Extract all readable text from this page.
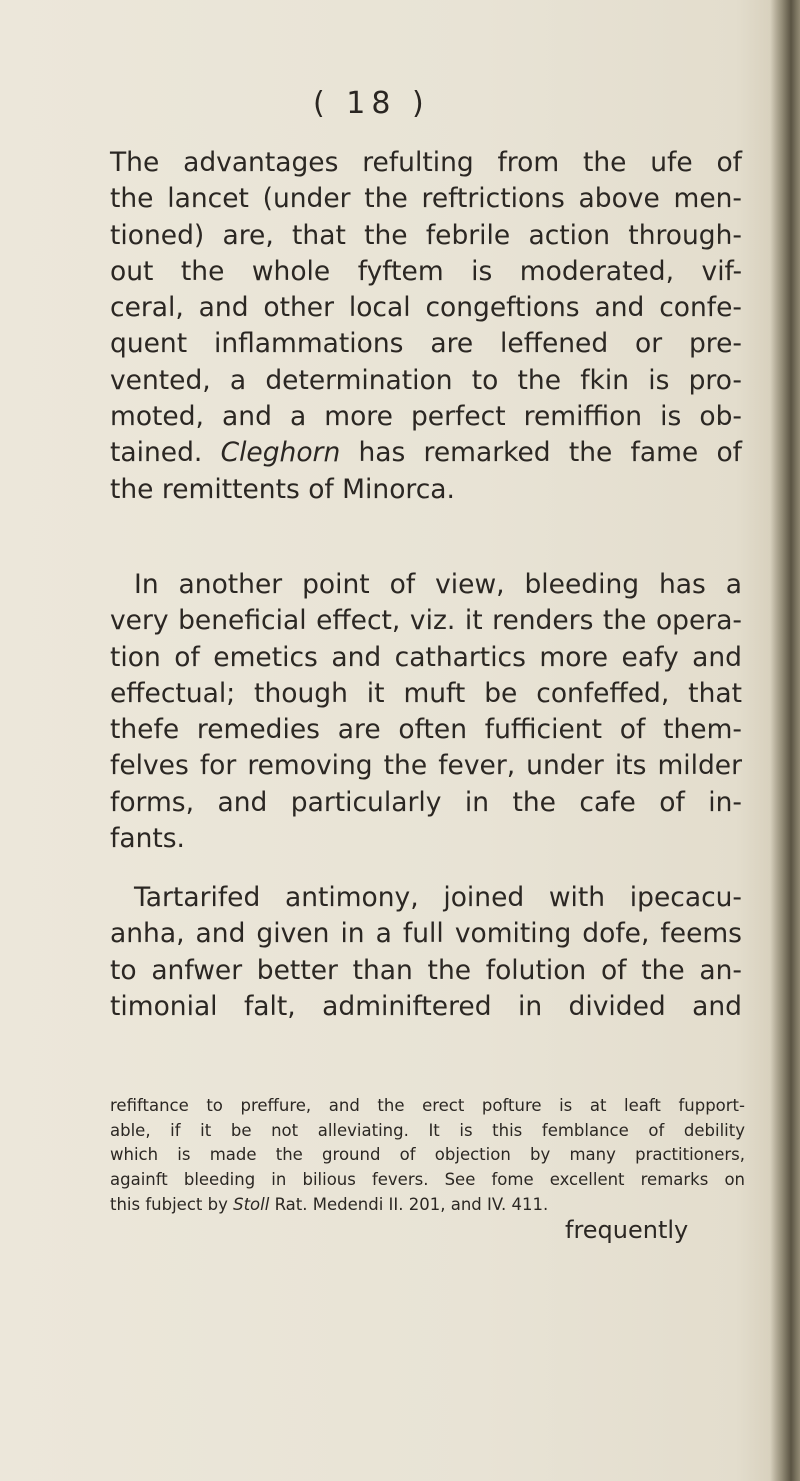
( 18 )

The advantages refulting from the ufe of
the lancet (under the reftrictions above men-
tioned) are, that the febrile action through-
out the whole fyftem is moderated, vif-
ceral, and other local congeftions and confe-
quent inflammations are leffened or pre-
vented, a determination to the fkin is pro-
moted, and a more perfect remiffion is ob-
tained. Cleghorn has remarked the fame of
the remittents of Minorca.

In another point of view, bleeding has a
very beneficial effect, viz. it renders the opera-
tion of emetics and cathartics more eafy and
effectual; though it muft be confeffed, that
thefe remedies are often fufficient of them-
felves for removing the fever, under its milder
forms, and particularly in the cafe of in-
fants.

Tartarifed antimony, joined with ipecacu-
anha, and given in a full vomiting dofe, feems
to anfwer better than the folution of the an-
timonial falt, adminiftered in divided and

refiftance to preffure, and the erect pofture is at leaft fupport-
able, if it be not alleviating. It is this femblance of debility
which is made the ground of objection by many practitioners,
againft bleeding in bilious fevers. See fome excellent remarks on
this fubject by Stoll Rat. Medendi II. 201, and IV. 411.

frequently
